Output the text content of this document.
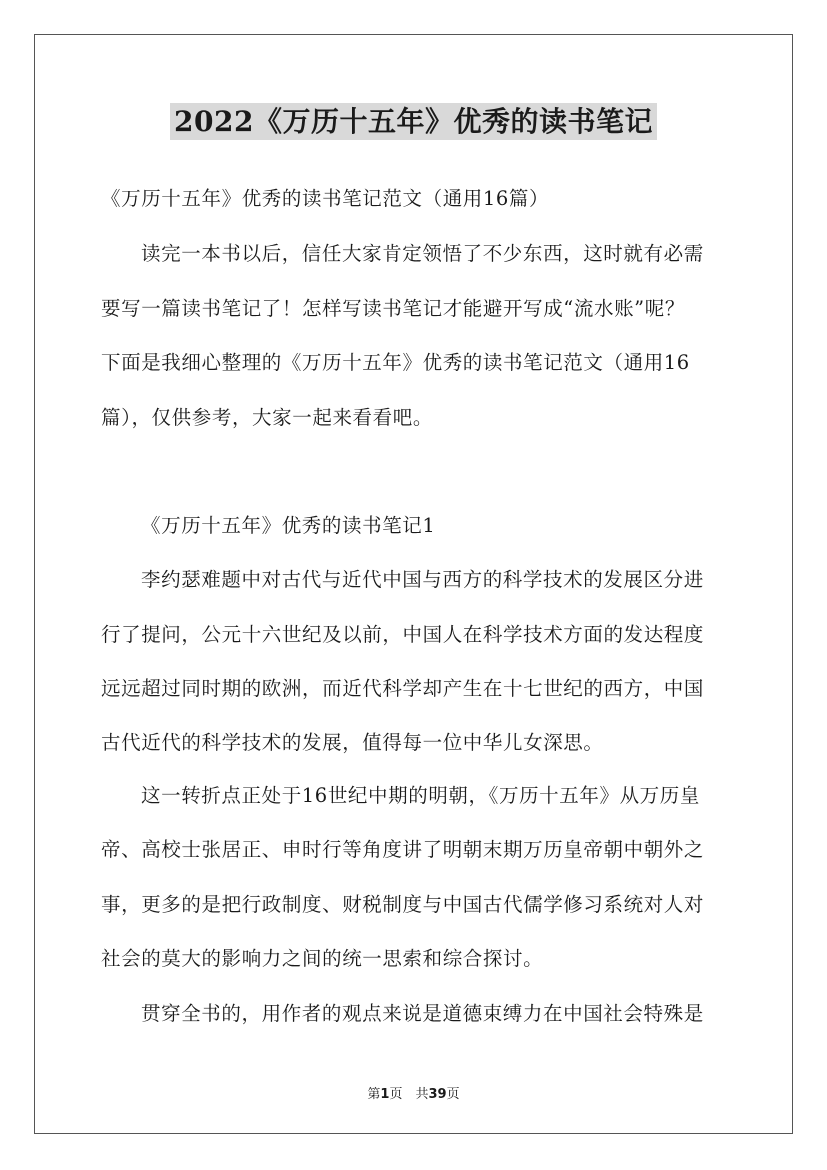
2022《万历十五年》优秀的读书笔记
《万历十五年》优秀的读书笔记范文（通用16篇）
读完一本书以后，信任大家肯定领悟了不少东西，这时就有必需
要写一篇读书笔记了！怎样写读书笔记才能避开写成“流水账”呢？
下面是我细心整理的《万历十五年》优秀的读书笔记范文（通用16
篇），仅供参考，大家一起来看看吧。
《万历十五年》优秀的读书笔记1
李约瑟难题中对古代与近代中国与西方的科学技术的发展区分进
行了提问，公元十六世纪及以前，中国人在科学技术方面的发达程度
远远超过同时期的欧洲，而近代科学却产生在十七世纪的西方，中国
古代近代的科学技术的发展，值得每一位中华儿女深思。
这一转折点正处于16世纪中期的明朝，《万历十五年》从万历皇
帝、高校士张居正、申时行等角度讲了明朝末期万历皇帝朝中朝外之
事，更多的是把行政制度、财税制度与中国古代儒学修习系统对人对
社会的莫大的影响力之间的统一思索和综合探讨。
贯穿全书的，用作者的观点来说是道德束缚力在中国社会特殊是
第1页　共39页
